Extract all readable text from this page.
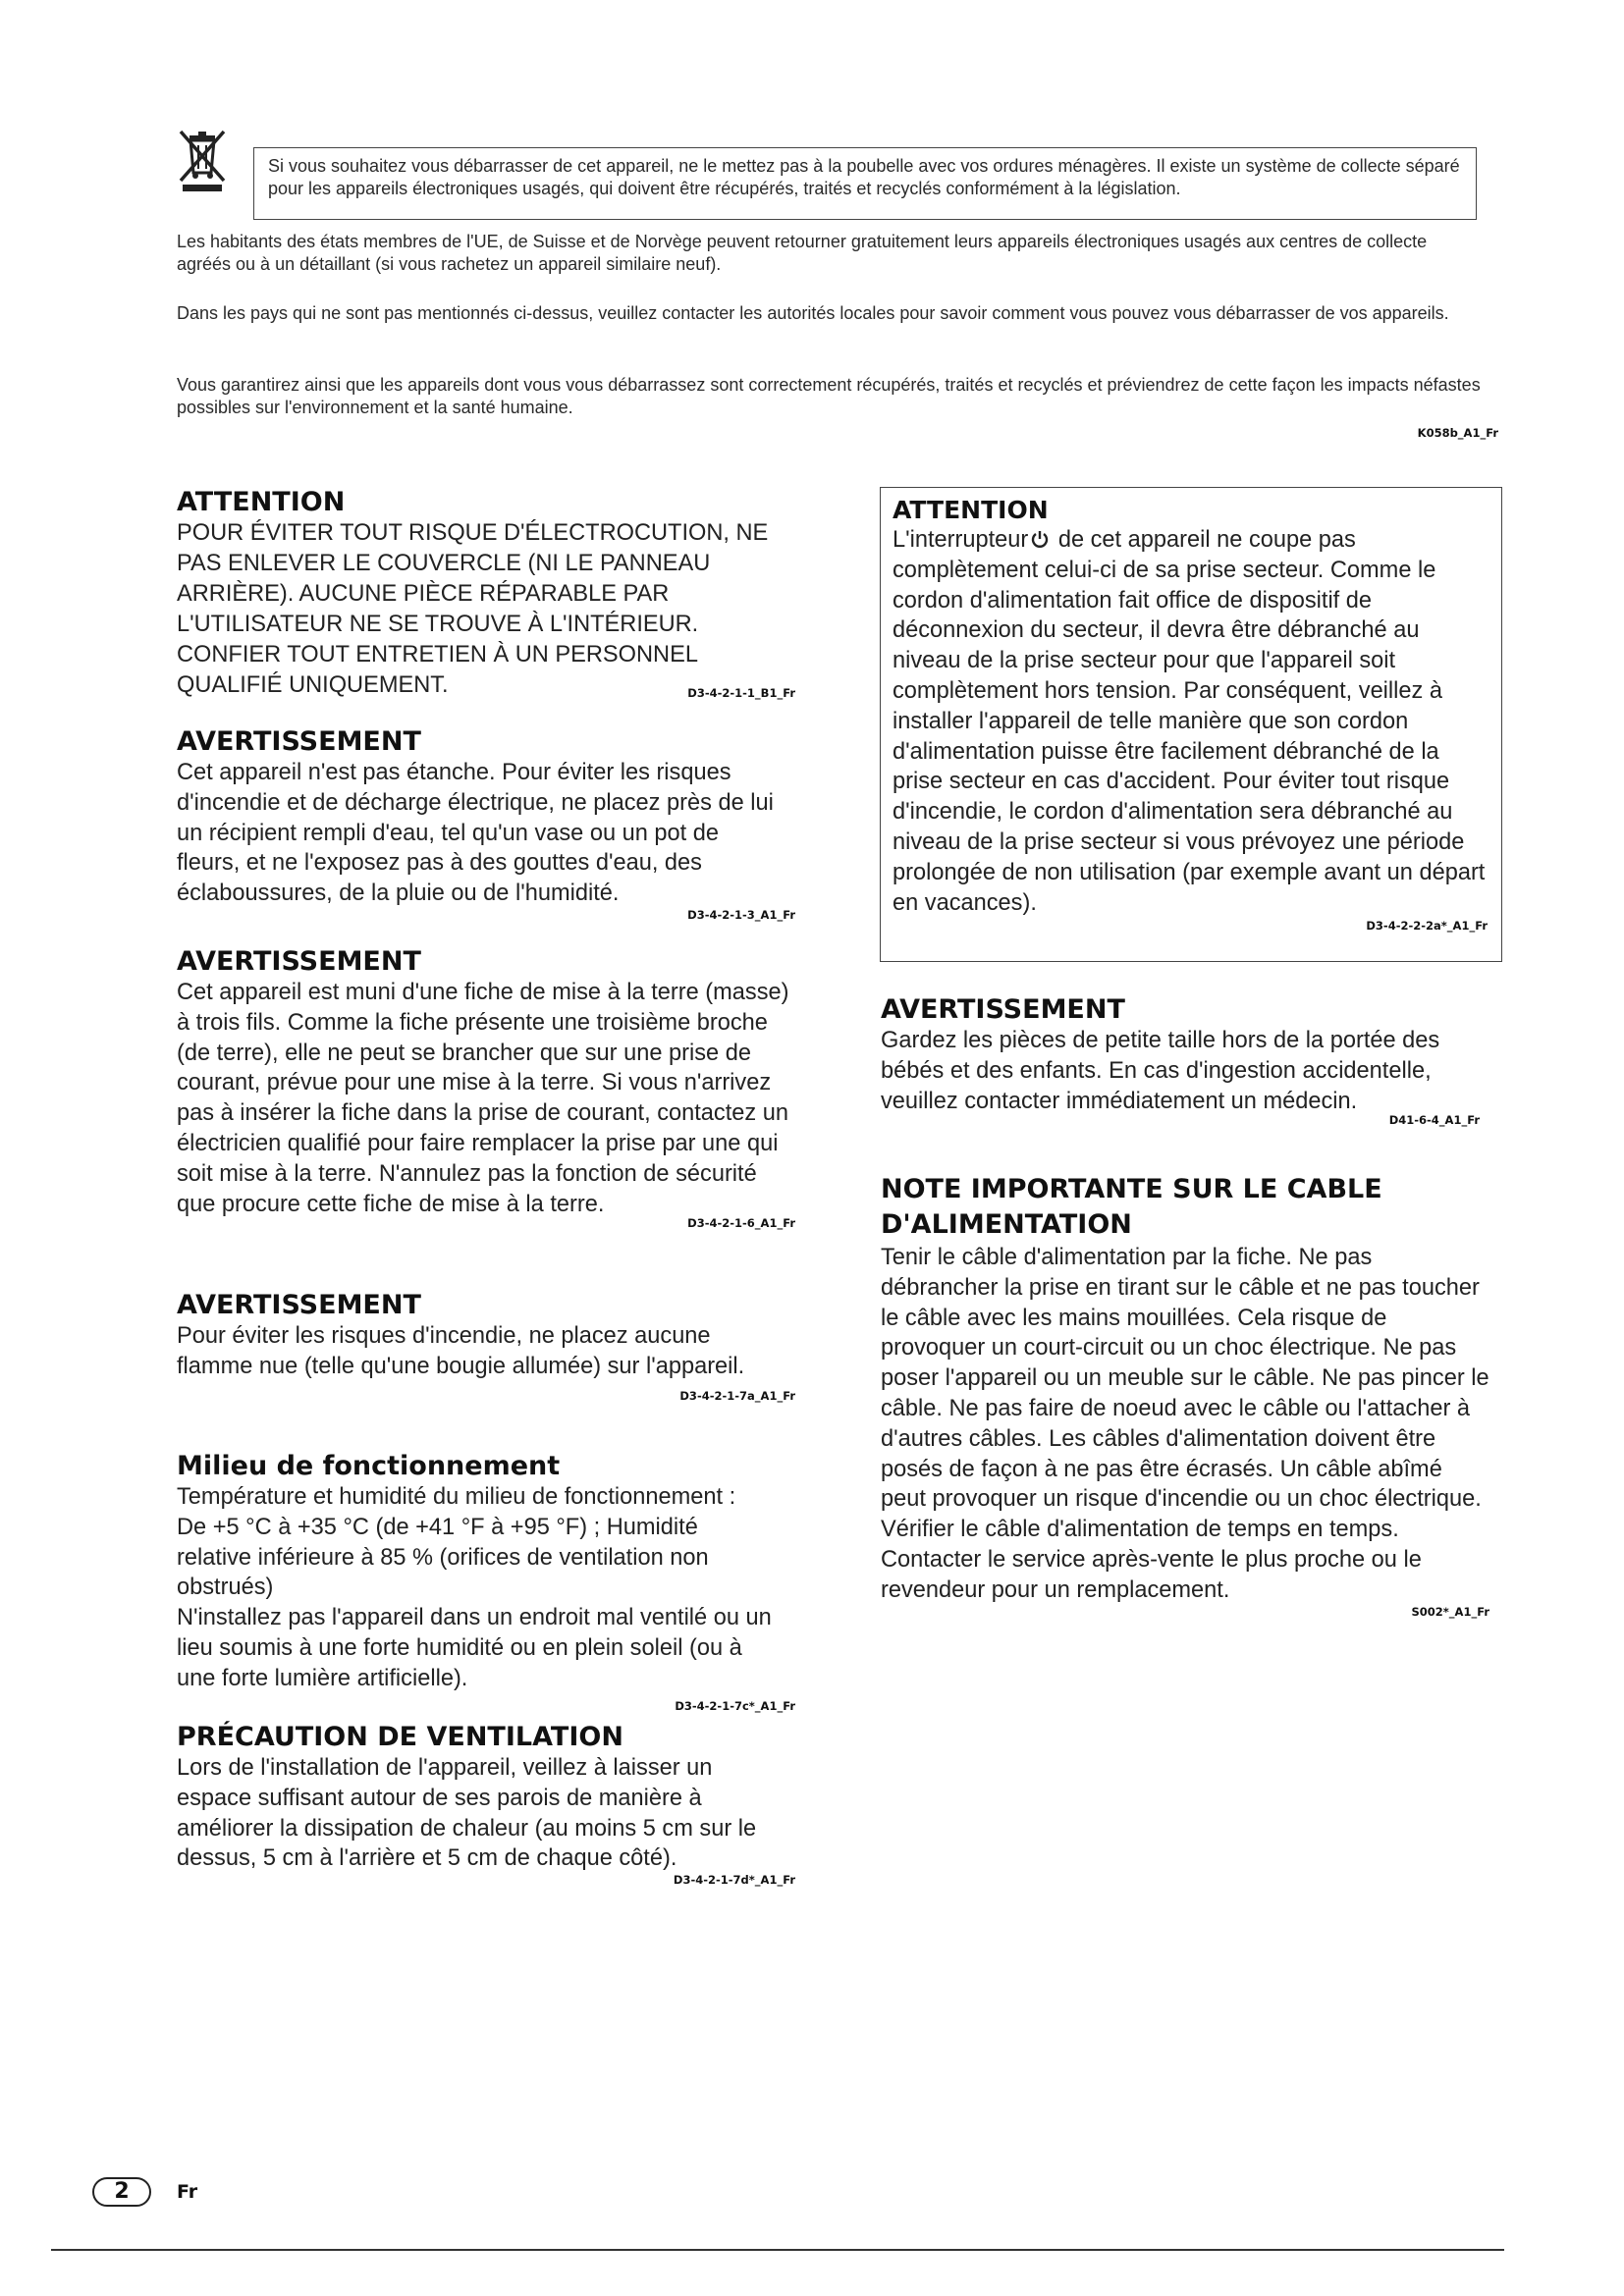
Si vous souhaitez vous débarrasser de cet appareil, ne le mettez pas à la poubelle avec vos ordures ménagères. Il existe un système de collecte séparé pour les appareils électroniques usagés, qui doivent être récupérés, traités et recyclés conformément à la législation.

Les habitants des états membres de l'UE, de Suisse et de Norvège peuvent retourner gratuitement leurs appareils électroniques usagés aux centres de collecte agréés ou à un détaillant (si vous rachetez un appareil similaire neuf).

Dans les pays qui ne sont pas mentionnés ci-dessus, veuillez contacter les autorités locales pour savoir comment vous pouvez vous débarrasser de vos appareils.

Vous garantirez ainsi que les appareils dont vous vous débarrassez sont correctement récupérés, traités et recyclés et préviendrez de cette façon les impacts néfastes possibles sur l'environnement et la santé humaine.

K058b_A1_Fr
ATTENTION

POUR ÉVITER TOUT RISQUE D'ÉLECTROCUTION, NE PAS ENLEVER LE COUVERCLE (NI LE PANNEAU ARRIÈRE). AUCUNE PIÈCE RÉPARABLE PAR L'UTILISATEUR NE SE TROUVE À L'INTÉRIEUR. CONFIER TOUT ENTRETIEN À UN PERSONNEL QUALIFIÉ UNIQUEMENT.	D3-4-2-1-1_B1_Fr
AVERTISSEMENT

Cet appareil n'est pas étanche. Pour éviter les risques d'incendie et de décharge électrique, ne placez près de lui un récipient rempli d'eau, tel qu'un vase ou un pot de fleurs, et ne l'exposez pas à des gouttes d'eau, des éclaboussures, de la pluie ou de l'humidité.

D3-4-2-1-3_A1_Fr
AVERTISSEMENT

Cet appareil est muni d'une fiche de mise à la terre (masse) à trois fils. Comme la fiche présente une troisième broche (de terre), elle ne peut se brancher que sur une prise de courant, prévue pour une mise à la terre. Si vous n'arrivez pas à insérer la fiche dans la prise de courant, contactez un électricien qualifié pour faire remplacer la prise par une qui soit mise à la terre. N'annulez pas la fonction de sécurité que procure cette fiche de mise à la terre.

D3-4-2-1-6_A1_Fr
AVERTISSEMENT

Pour éviter les risques d'incendie, ne placez aucune flamme nue (telle qu'une bougie allumée) sur l'appareil.

D3-4-2-1-7a_A1_Fr
Milieu de fonctionnement

Température et humidité du milieu de fonctionnement :

De +5 °C à +35 °C (de +41 °F à +95 °F) ; Humidité relative inférieure à 85 % (orifices de ventilation non obstrués)

N'installez pas l'appareil dans un endroit mal ventilé ou un lieu soumis à une forte humidité ou en plein soleil (ou à une forte lumière artificielle).

D3-4-2-1-7c*_A1_Fr
PRÉCAUTION DE VENTILATION

Lors de l'installation de l'appareil, veillez à laisser un espace suffisant autour de ses parois de manière à améliorer la dissipation de chaleur (au moins 5 cm sur le dessus, 5 cm à l'arrière et 5 cm de chaque côté).

D3-4-2-1-7d*_A1_Fr
ATTENTION

L'interrupteur de cet appareil ne coupe pas complètement celui-ci de sa prise secteur. Comme le cordon d'alimentation fait office de dispositif de déconnexion du secteur, il devra être débranché au niveau de la prise secteur pour que l'appareil soit complètement hors tension. Par conséquent, veillez à installer l'appareil de telle manière que son cordon d'alimentation puisse être facilement débranché de la prise secteur en cas d'accident. Pour éviter tout risque d'incendie, le cordon d'alimentation sera débranché au niveau de la prise secteur si vous prévoyez une période prolongée de non utilisation (par exemple avant un départ en vacances).

D3-4-2-2-2a*_A1_Fr
AVERTISSEMENT

Gardez les pièces de petite taille hors de la portée des bébés et des enfants. En cas d'ingestion accidentelle, veuillez contacter immédiatement un médecin.

D41-6-4_A1_Fr
NOTE IMPORTANTE SUR LE CABLE D'ALIMENTATION

Tenir le câble d'alimentation par la fiche. Ne pas débrancher la prise en tirant sur le câble et ne pas toucher le câble avec les mains mouillées. Cela risque de provoquer un court-circuit ou un choc électrique. Ne pas poser l'appareil ou un meuble sur le câble. Ne pas pincer le câble. Ne pas faire de noeud avec le câble ou l'attacher à d'autres câbles. Les câbles d'alimentation doivent être posés de façon à ne pas être écrasés. Un câble abîmé peut provoquer un risque d'incendie ou un choc électrique. Vérifier le câble d'alimentation de temps en temps. Contacter le service après-vente le plus proche ou le revendeur pour un remplacement.

S002*_A1_Fr
2	Fr
